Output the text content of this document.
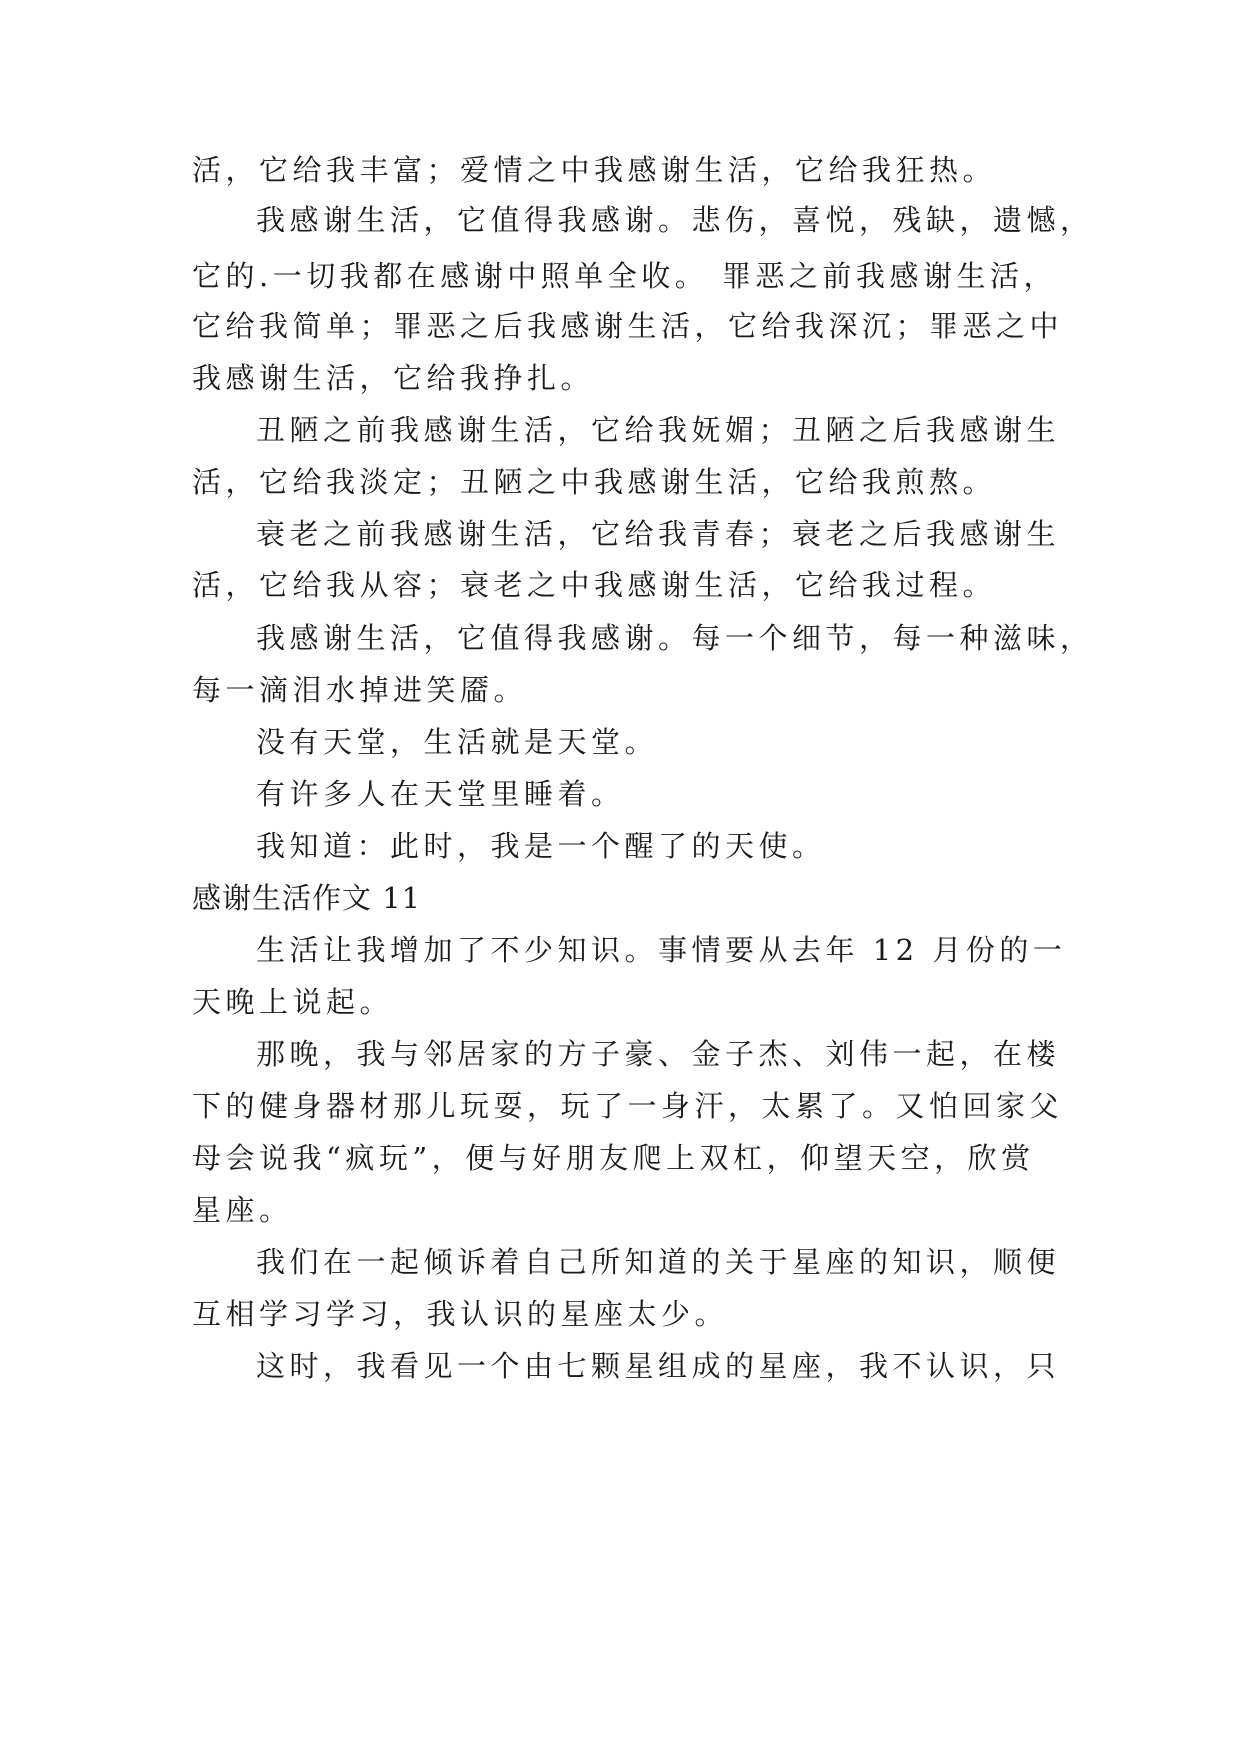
活，它给我丰富；爱情之中我感谢生活，它给我狂热。
我感谢生活，它值得我感谢。悲伤，喜悦，残缺，遗憾，
它的.一切我都在感谢中照单全收。 罪恶之前我感谢生活，
它给我简单；罪恶之后我感谢生活，它给我深沉；罪恶之中
我感谢生活，它给我挣扎。
丑陋之前我感谢生活，它给我妩媚；丑陋之后我感谢生
活，它给我淡定；丑陋之中我感谢生活，它给我煎熬。
衰老之前我感谢生活，它给我青春；衰老之后我感谢生
活，它给我从容；衰老之中我感谢生活，它给我过程。
我感谢生活，它值得我感谢。每一个细节，每一种滋味，
每一滴泪水掉进笑靥。
没有天堂，生活就是天堂。
有许多人在天堂里睡着。
我知道：此时，我是一个醒了的天使。
感谢生活作文 11
生活让我增加了不少知识。事情要从去年 12 月份的一
天晚上说起。
那晚，我与邻居家的方子豪、金子杰、刘伟一起，在楼
下的健身器材那儿玩耍，玩了一身汗，太累了。又怕回家父
母会说我“疯玩”，便与好朋友爬上双杠，仰望天空，欣赏
星座。
我们在一起倾诉着自己所知道的关于星座的知识，顺便
互相学习学习，我认识的星座太少。
这时，我看见一个由七颗星组成的星座，我不认识，只
